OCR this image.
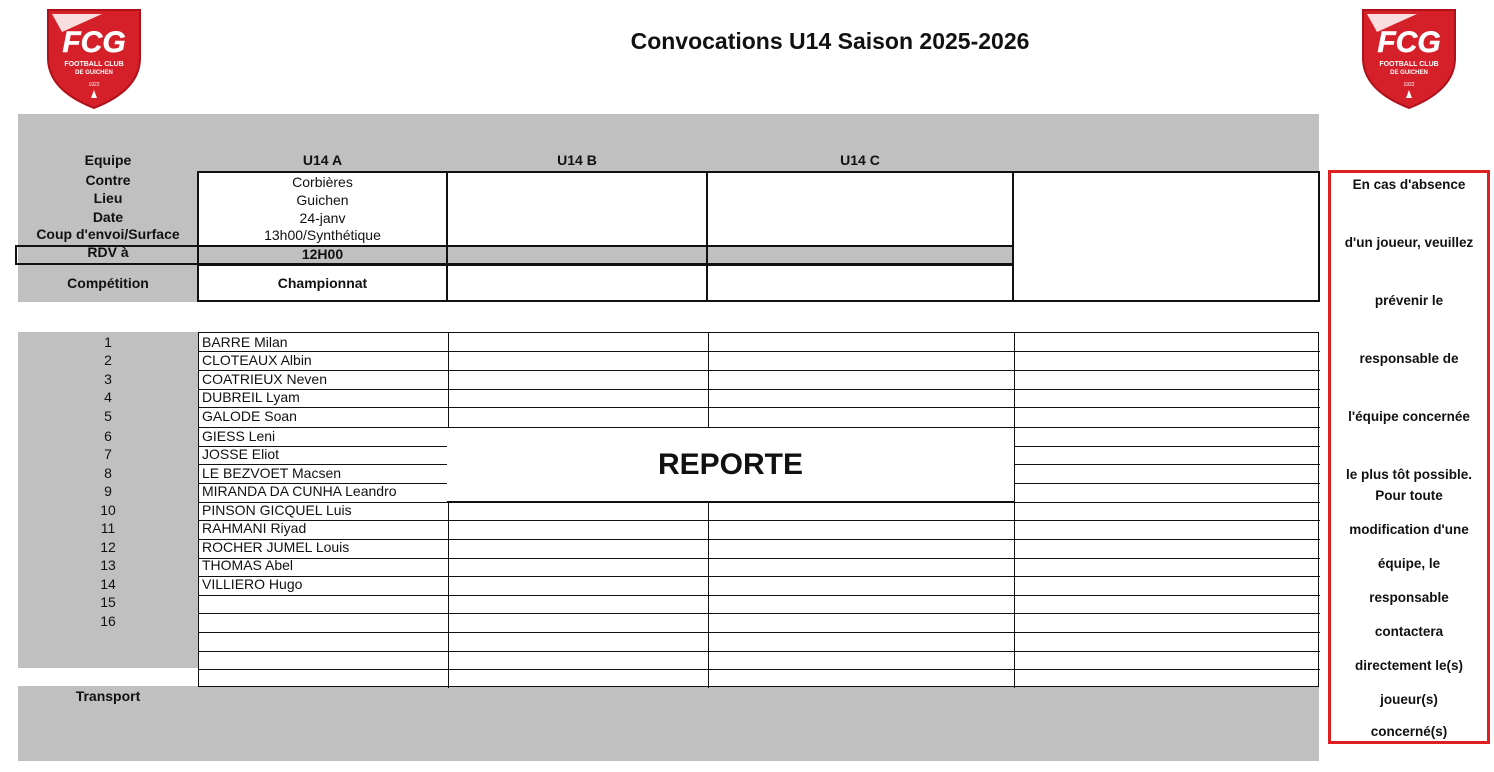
Convocations U14 Saison 2025-2026
FCG
FOOTBALL CLUB
DE GUICHEN
1922
FCG
FOOTBALL CLUB
DE GUICHEN
1922
Equipe
Contre
Lieu
Date
Coup d'envoi/Surface
RDV à
Compétition
U14 A	U14 B	U14 C
Corbières
Guichen
24-janv
13h00/Synthétique
12H00
Championnat
REPORTE
1
2
3
4
5
6
7
8
9
10
11
12
13
14
15
16
BARRE Milan
CLOTEAUX Albin
COATRIEUX Neven
DUBREIL Lyam
GALODE Soan
GIESS Leni
JOSSE Eliot
LE BEZVOET Macsen
MIRANDA DA CUNHA Leandro
PINSON GICQUEL Luis
RAHMANI Riyad
ROCHER JUMEL Louis
THOMAS Abel
VILLIERO Hugo
Transport
En cas d'absence
d'un joueur, veuillez
prévenir le
responsable de
l'équipe concernée
le plus tôt possible.
Pour toute
modification d'une
équipe, le
responsable
contactera
directement le(s)
joueur(s)
concerné(s)
